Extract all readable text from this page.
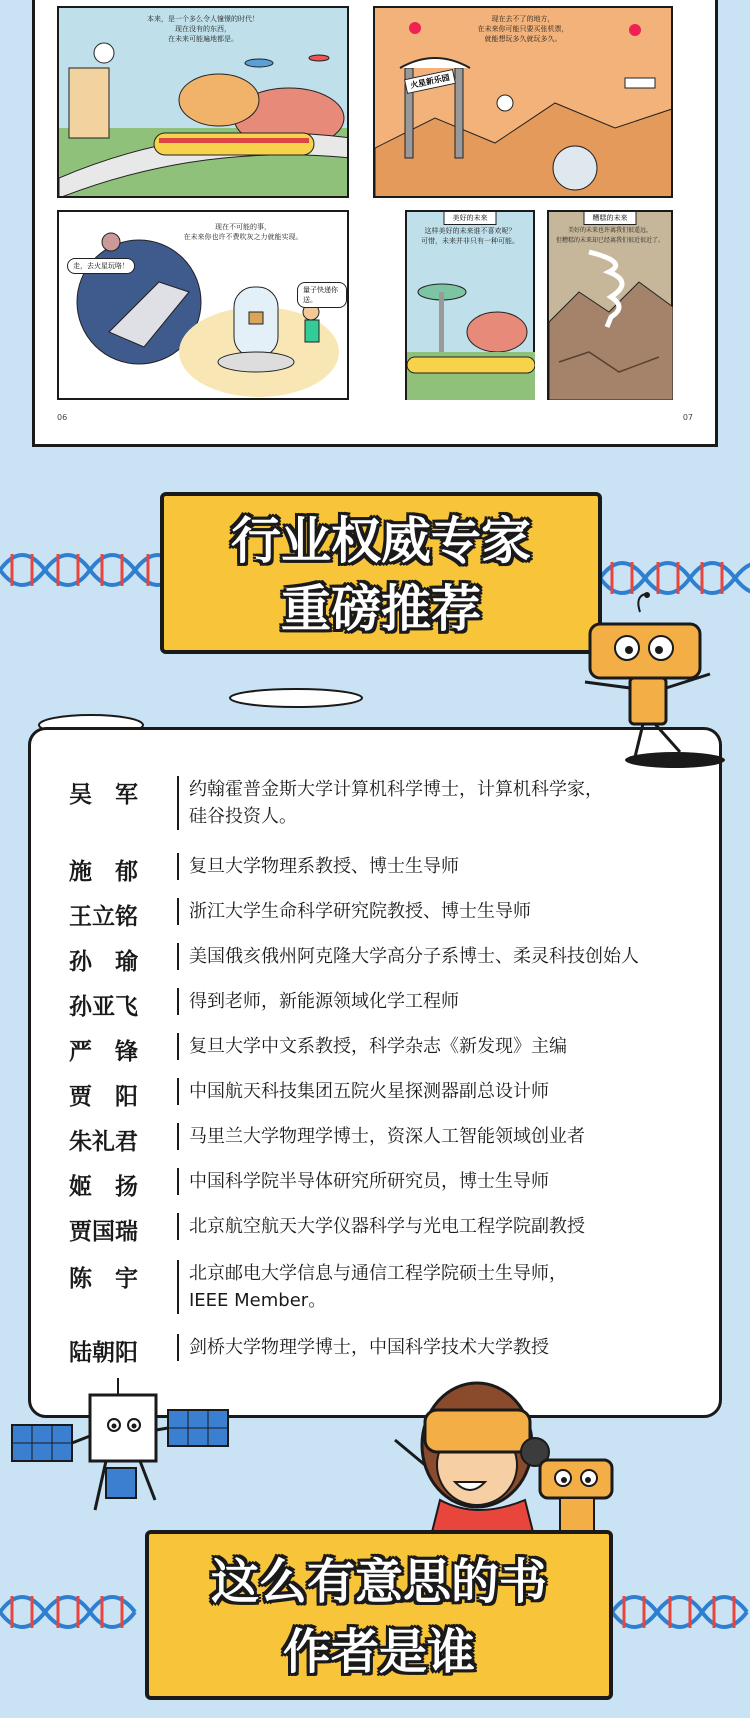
本来，是一个多么令人憧憬的时代！
现在没有的东西，
在未来可能遍地都是。
现在去不了的地方，
在未来你可能只要买张机票，
就能想玩多久就玩多久。
火星新乐园
现在不可能的事，
在未来你也许不费吹灰之力就能实现。
走，去火星玩咯！
量子快递你送。
美好的未来
这样美好的未来谁不喜欢呢？
可惜，未来并非只有一种可能。
糟糕的未来
美好的未来也许离我们很遥远，
但糟糕的未来却已经离我们很近很近了。
06	07
行业权威专家
重磅推荐
吴　军	约翰霍普金斯大学计算机科学博士，计算机科学家，
硅谷投资人。
施　郁	复旦大学物理系教授、博士生导师
王立铭	浙江大学生命科学研究院教授、博士生导师
孙　瑜	美国俄亥俄州阿克隆大学高分子系博士、柔灵科技创始人
孙亚飞	得到老师，新能源领域化学工程师
严　锋	复旦大学中文系教授，科学杂志《新发现》主编
贾　阳	中国航天科技集团五院火星探测器副总设计师
朱礼君	马里兰大学物理学博士，资深人工智能领域创业者
姬　扬	中国科学院半导体研究所研究员，博士生导师
贾国瑞	北京航空航天大学仪器科学与光电工程学院副教授
陈　宇	北京邮电大学信息与通信工程学院硕士生导师，
IEEE Member。
陆朝阳	剑桥大学物理学博士，中国科学技术大学教授
这么有意思的书
作者是谁
